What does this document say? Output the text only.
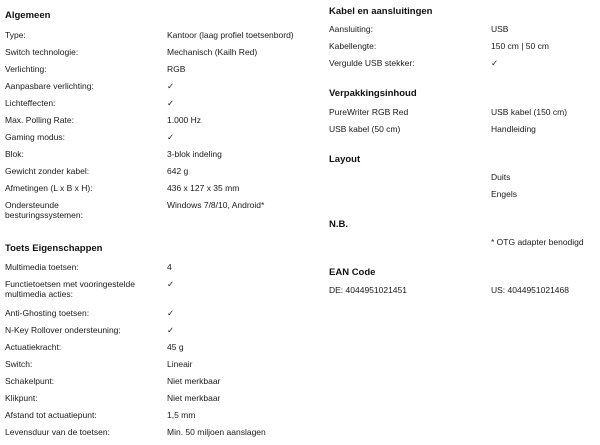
Algemeen
Type:	Kantoor (laag profiel toetsenbord)
Switch technologie:	Mechanisch (Kailh Red)
Verlichting:	RGB
Aanpasbare verlichting:	✓
Lichteffecten:	✓
Max. Polling Rate:	1.000 Hz
Gaming modus:	✓
Blok:	3-blok indeling
Gewicht zonder kabel:	642 g
Afmetingen (L x B x H):	436 x 127 x 35 mm
Ondersteunde besturingssystemen:
Windows 7/8/10, Android*
Toets Eigenschappen
Multimedia toetsen:	4
Functietoetsen met vooringestelde multimedia acties:
✓
Anti-Ghosting toetsen:	✓
N-Key Rollover ondersteuning:	✓
Actuatiekracht:	45 g
Switch:	Lineair
Schakelpunt:	Niet merkbaar
Klikpunt:	Niet merkbaar
Afstand tot actuatiepunt:	1,5 mm
Levensduur van de toetsen:	Min. 50 miljoen aanslagen
Kabel en aansluitingen
Aansluiting:	USB
Kabellengte:	150 cm | 50 cm
Vergulde USB stekker:	✓
Verpakkingsinhoud
PureWriter RGB Red	USB kabel (150 cm)
USB kabel (50 cm)	Handleiding
Layout
Duits
Engels
N.B.
* OTG adapter benodigd
EAN Code
DE: 4044951021451	US: 4044951021468
